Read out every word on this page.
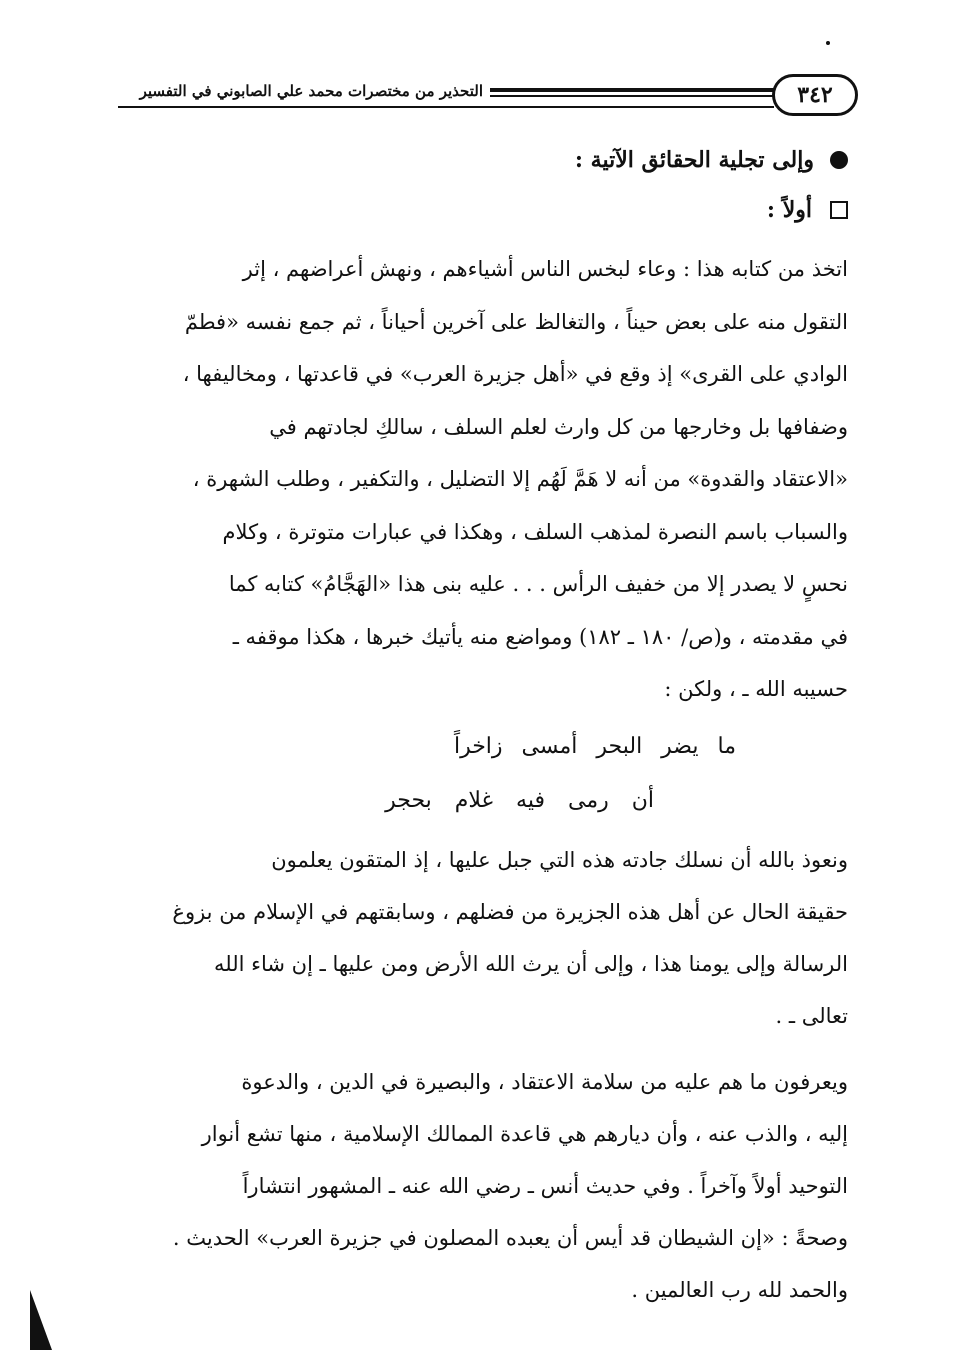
٣٤٢
التحذير من مختصرات محمد علي الصابوني في التفسير
وإلى تجلية الحقائق الآتية :
أولاً :

اتخذ من كتابه هذا : وعاء لبخس الناس أشياءهم ، ونهش أعراضهم ، إثر

التقول منه على بعض حيناً ، والتغالظ على آخرين أحياناً ، ثم جمع نفسه «فطمّ

الوادي على القرى» إذ وقع في «أهل جزيرة العرب» في قاعدتها ، ومخاليفها ،

وضفافها بل وخارجها من كل وارث لعلم السلف ، سالكِ لجادتهم في

«الاعتقاد والقدوة» من أنه لا هَمَّ لَهُم إلا التضليل ، والتكفير ، وطلب الشهرة ،

والسباب باسم النصرة لمذهب السلف ، وهكذا في عبارات متوترة ، وكلام

نحسٍ لا يصدر إلا من خفيف الرأس . . . عليه بنى هذا «الهَجَّامُ» كتابه كما

في مقدمته ، و(ص/ ١٨٠ ـ ١٨٢) ومواضع منه يأتيك خبرها ، هكذا موقفه ـ

حسيبه الله ـ ، ولكن :

ما يضر البحر أمسى زاخراً
أن رمى فيه غلام بحجر

ونعوذ بالله أن نسلك جادته هذه التي جبل عليها ، إذ المتقون يعلمون

حقيقة الحال عن أهل هذه الجزيرة من فضلهم ، وسابقتهم في الإسلام من بزوغ

الرسالة وإلى يومنا هذا ، وإلى أن يرث الله الأرض ومن عليها ـ إن شاء الله

تعالى ـ .

ويعرفون ما هم عليه من سلامة الاعتقاد ، والبصيرة في الدين ، والدعوة

إليه ، والذب عنه ، وأن ديارهم هي قاعدة الممالك الإسلامية ، منها تشع أنوار

التوحيد أولاً وآخراً . وفي حديث أنس ـ رضي الله عنه ـ المشهور انتشاراً

وصحةً : «إن الشيطان قد أيس أن يعبده المصلون في جزيرة العرب» الحديث .

والحمد لله رب العالمين .
